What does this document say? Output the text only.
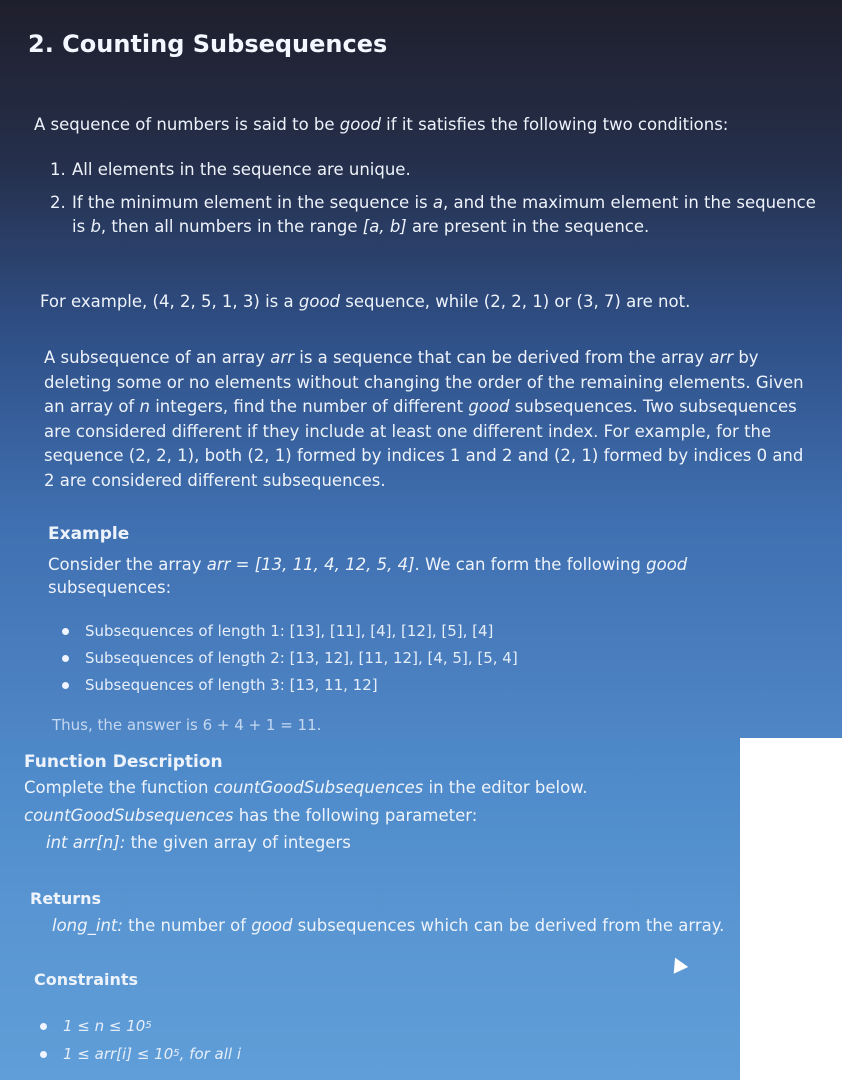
2. Counting Subsequences
A sequence of numbers is said to be good if it satisfies the following two conditions:
1. All elements in the sequence are unique.
2. If the minimum element in the sequence is a, and the maximum element in the sequence is b, then all numbers in the range [a, b] are present in the sequence.
For example, (4, 2, 5, 1, 3) is a good sequence, while (2, 2, 1) or (3, 7) are not.
A subsequence of an array arr is a sequence that can be derived from the array arr by deleting some or no elements without changing the order of the remaining elements. Given an array of n integers, find the number of different good subsequences. Two subsequences are considered different if they include at least one different index. For example, for the sequence (2, 2, 1), both (2, 1) formed by indices 1 and 2 and (2, 1) formed by indices 0 and 2 are considered different subsequences.
Example
Consider the array arr = [13, 11, 4, 12, 5, 4]. We can form the following good subsequences:
Subsequences of length 1: [13], [11], [4], [12], [5], [4]
Subsequences of length 2: [13, 12], [11, 12], [4, 5], [5, 4]
Subsequences of length 3: [13, 11, 12]
Thus, the answer is 6 + 4 + 1 = 11.
Function Description
Complete the function countGoodSubsequences in the editor below.
countGoodSubsequences has the following parameter:
int arr[n]: the given array of integers
Returns
long_int: the number of good subsequences which can be derived from the array.
Constraints
1 ≤ n ≤ 10 5
1 ≤ arr[i] ≤ 10 5 , for all i
